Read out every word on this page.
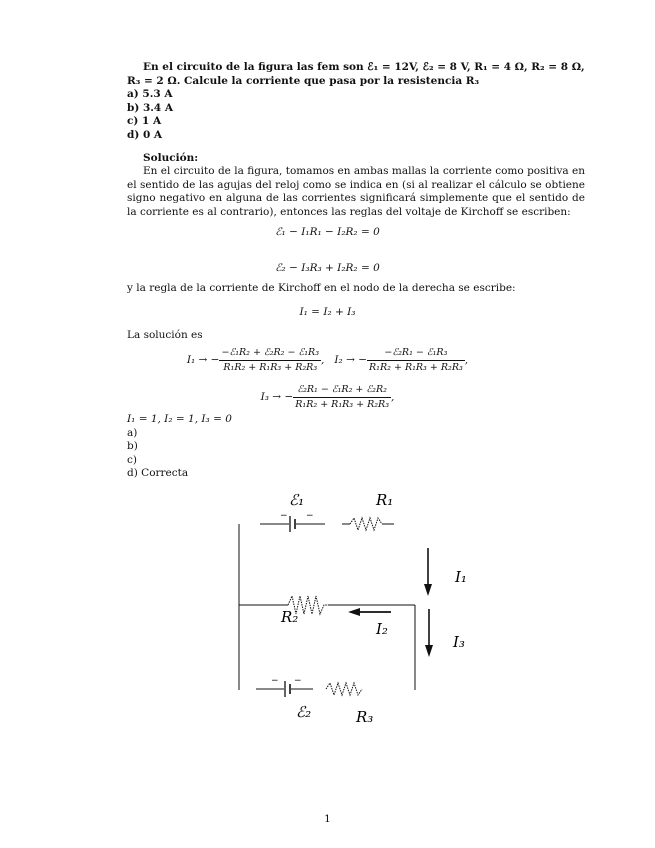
En el circuito de la figura las fem son ℰ₁ = 12V, ℰ₂ = 8 V, R₁ = 4 Ω, R₂ = 8 Ω,
R₃ = 2 Ω. Calcule la corriente que pasa por la resistencia R₃
a) 5.3 A
b) 3.4 A
c) 1 A
d) 0 A
Solución:
En el circuito de la figura, tomamos en ambas mallas la corriente como positiva en el sentido de las agujas del reloj como se indica en (si al realizar el cálculo se obtiene signo negativo en alguna de las corrientes significará simplemente que el sentido de la corriente es al contrario), entonces las reglas del voltaje de Kirchoff se escriben:
ℰ₁ − I₁R₁ − I₂R₂ = 0
ℰ₂ − I₃R₃ + I₂R₂ = 0
y la regla de la corriente de Kirchoff en el nodo de la derecha se escribe:
I₁ = I₂ + I₃
La solución es
I₁ → − $\frac{\text{−ℰ₁R₂ + ℰ₂R₂ − ℰ₁R₃}}{\text{R₁R₂ + R₁R₃ + R₂R₃}}$ ,   I₂ → − $\frac{\text{−ℰ₂R₁ − ℰ₁R₃}}{\text{R₁R₂ + R₁R₃ + R₂R₃}}$ ,
I₃ → − $\frac{\text{ℰ₂R₁ − ℰ₁R₂ + ℰ₂R₂}}{\text{R₁R₂ + R₁R₃ + R₂R₃}}$ ,
I₁ = 1, I₂ = 1, I₃ = 0
a)
b)
c)
d) Correcta
− −
− −
ℰ₁	R₁
I₁
R₂
I₂
I₃
ℰ₂	R₃
1
